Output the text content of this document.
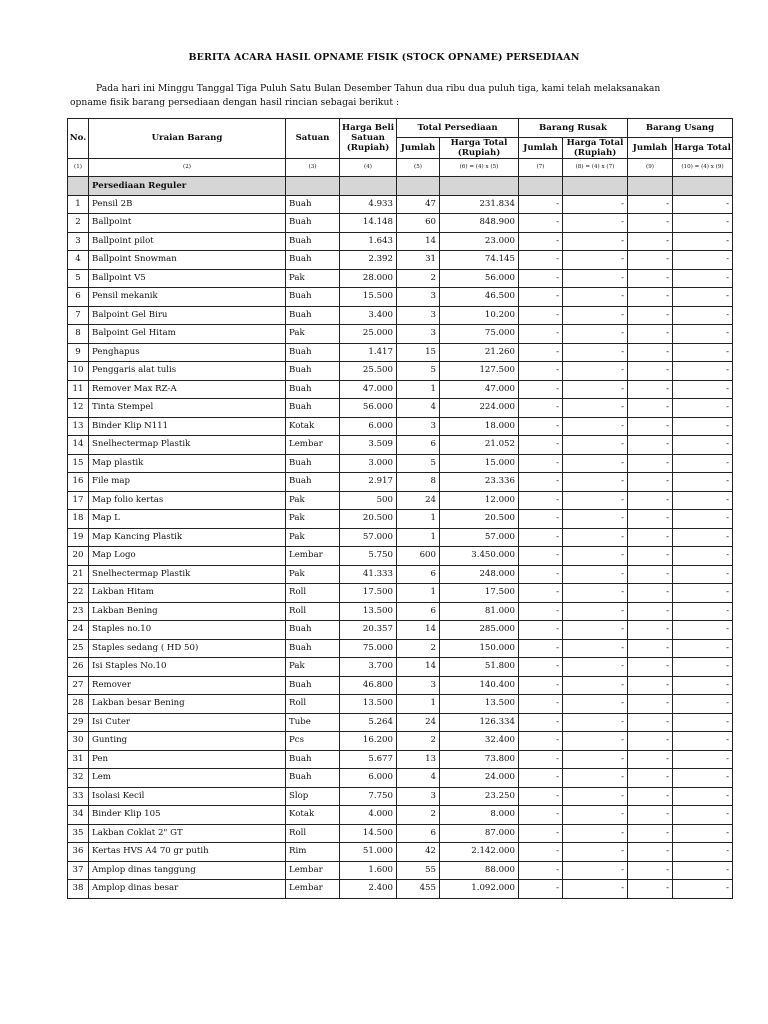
BERITA ACARA HASIL OPNAME FISIK (STOCK OPNAME) PERSEDIAAN
Pada hari ini Minggu Tanggal Tiga Puluh Satu Bulan Desember Tahun dua ribu dua puluh tiga, kami telah melaksanakan
opname fisik barang persediaan dengan hasil rincian sebagai berikut :
No.	Uraian Barang	Satuan	Harga Beli Satuan (Rupiah)	Total Persediaan		Barang Rusak		Barang Usang	
				Jumlah	Harga Total (Rupiah)	Jumlah	Harga Total (Rupiah)	Jumlah	Harga Total
(1)	(2)	(3)	(4)	(5)	(6) = (4) x (5)	(7)	(8) = (4) x (7)	(9)	(10) = (4) x (9)
	Persediaan Reguler								
1	Pensil 2B	Buah	4.933	47	231.834	-	-	-	-
2	Ballpoint	Buah	14.148	60	848.900	-	-	-	-
3	Ballpoint pilot	Buah	1.643	14	23.000	-	-	-	-
4	Ballpoint Snowman	Buah	2.392	31	74.145	-	-	-	-
5	Ballpoint V5	Pak	28.000	2	56.000	-	-	-	-
6	Pensil mekanik	Buah	15.500	3	46.500	-	-	-	-
7	Balpoint Gel Biru	Buah	3.400	3	10.200	-	-	-	-
8	Balpoint Gel Hitam	Pak	25.000	3	75.000	-	-	-	-
9	Penghapus	Buah	1.417	15	21.260	-	-	-	-
10	Penggaris alat tulis	Buah	25.500	5	127.500	-	-	-	-
11	Remover Max RZ-A	Buah	47.000	1	47.000	-	-	-	-
12	Tinta Stempel	Buah	56.000	4	224.000	-	-	-	-
13	Binder Klip N111	Kotak	6.000	3	18.000	-	-	-	-
14	Snelhectermap Plastik	Lembar	3.509	6	21.052	-	-	-	-
15	Map plastik	Buah	3.000	5	15.000	-	-	-	-
16	File map	Buah	2.917	8	23.336	-	-	-	-
17	Map folio kertas	Pak	500	24	12.000	-	-	-	-
18	Map L	Pak	20.500	1	20.500	-	-	-	-
19	Map Kancing Plastik	Pak	57.000	1	57.000	-	-	-	-
20	Map Logo	Lembar	5.750	600	3.450.000	-	-	-	-
21	Snelhectermap Plastik	Pak	41.333	6	248.000	-	-	-	-
22	Lakban Hitam	Roll	17.500	1	17.500	-	-	-	-
23	Lakban Bening	Roll	13.500	6	81.000	-	-	-	-
24	Staples no.10	Buah	20.357	14	285.000	-	-	-	-
25	Staples sedang ( HD 50)	Buah	75.000	2	150.000	-	-	-	-
26	Isi Staples No.10	Pak	3.700	14	51.800	-	-	-	-
27	Remover	Buah	46.800	3	140.400	-	-	-	-
28	Lakban besar Bening	Roll	13.500	1	13.500	-	-	-	-
29	Isi Cuter	Tube	5.264	24	126.334	-	-	-	-
30	Gunting	Pcs	16.200	2	32.400	-	-	-	-
31	Pen	Buah	5.677	13	73.800	-	-	-	-
32	Lem	Buah	6.000	4	24.000	-	-	-	-
33	Isolasi Kecil	Slop	7.750	3	23.250	-	-	-	-
34	Binder Klip 105	Kotak	4.000	2	8.000	-	-	-	-
35	Lakban Coklat 2" GT	Roll	14.500	6	87.000	-	-	-	-
36	Kertas HVS A4 70 gr putih	Rim	51.000	42	2.142.000	-	-	-	-
37	Amplop dinas tanggung	Lembar	1.600	55	88.000	-	-	-	-
38	Amplop dinas besar	Lembar	2.400	455	1.092.000	-	-	-	-
